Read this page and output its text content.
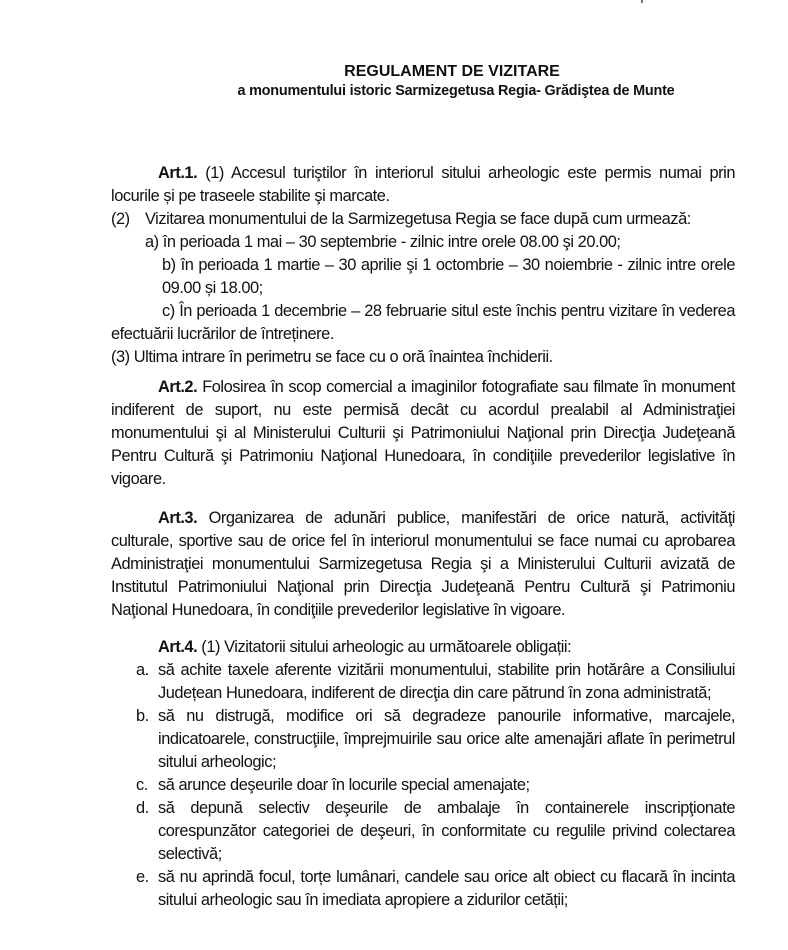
REGULAMENT DE VIZITARE
a monumentului istoric Sarmizegetusa Regia- Grădiştea de Munte

Art.1. (1) Accesul turiştilor în interiorul sitului arheologic este permis numai prin locurile și pe traseele stabilite şi marcate.

(2) Vizitarea monumentului de la Sarmizegetusa Regia se face după cum urmează:

a) în perioada 1 mai – 30 septembrie - zilnic intre orele 08.00 şi 20.00;

b) în perioada 1 martie – 30 aprilie şi 1 octombrie – 30 noiembrie - zilnic intre orele 09.00 și 18.00;

c) În perioada 1 decembrie – 28 februarie situl este închis pentru vizitare în vederea efectuării lucrărilor de întreținere.

(3) Ultima intrare în perimetru se face cu o oră înaintea închiderii.

Art.2. Folosirea în scop comercial a imaginilor fotografiate sau filmate în monument indiferent de suport, nu este permisă decât cu acordul prealabil al Administraţiei monumentului şi al Ministerului Culturii şi Patrimoniului Naţional prin Direcţia Judeţeană Pentru Cultură şi Patrimoniu Naţional Hunedoara, în condiţiile prevederilor legislative în vigoare.

Art.3. Organizarea de adunări publice, manifestări de orice natură, activităţi culturale, sportive sau de orice fel în interiorul monumentului se face numai cu aprobarea Administraţiei monumentului Sarmizegetusa Regia şi a Ministerului Culturii avizată de Institutul Patrimoniului Naţional prin Direcţia Judeţeană Pentru Cultură şi Patrimoniu Naţional Hunedoara, în condiţiile prevederilor legislative în vigoare.

Art.4. (1) Vizitatorii sitului arheologic au următoarele obligații:

a. să achite taxele aferente vizitării monumentului, stabilite prin hotărâre a Consiliului Județean Hunedoara, indiferent de direcţia din care pătrund în zona administrată;
b. să nu distrugă, modifice ori să degradeze panourile informative, marcajele, indicatoarele, construcţiile, împrejmuirile sau orice alte amenajări aflate în perimetrul sitului arheologic;
c. să arunce deşeurile doar în locurile special amenajate;
d. să depună selectiv deşeurile de ambalaje în containerele inscripţionate corespunzător categoriei de deşeuri, în conformitate cu regulile privind colectarea selectivă;
e. să nu aprindă focul, torțe lumânari, candele sau orice alt obiect cu flacară în incinta sitului arheologic sau în imediata apropiere a zidurilor cetății;
